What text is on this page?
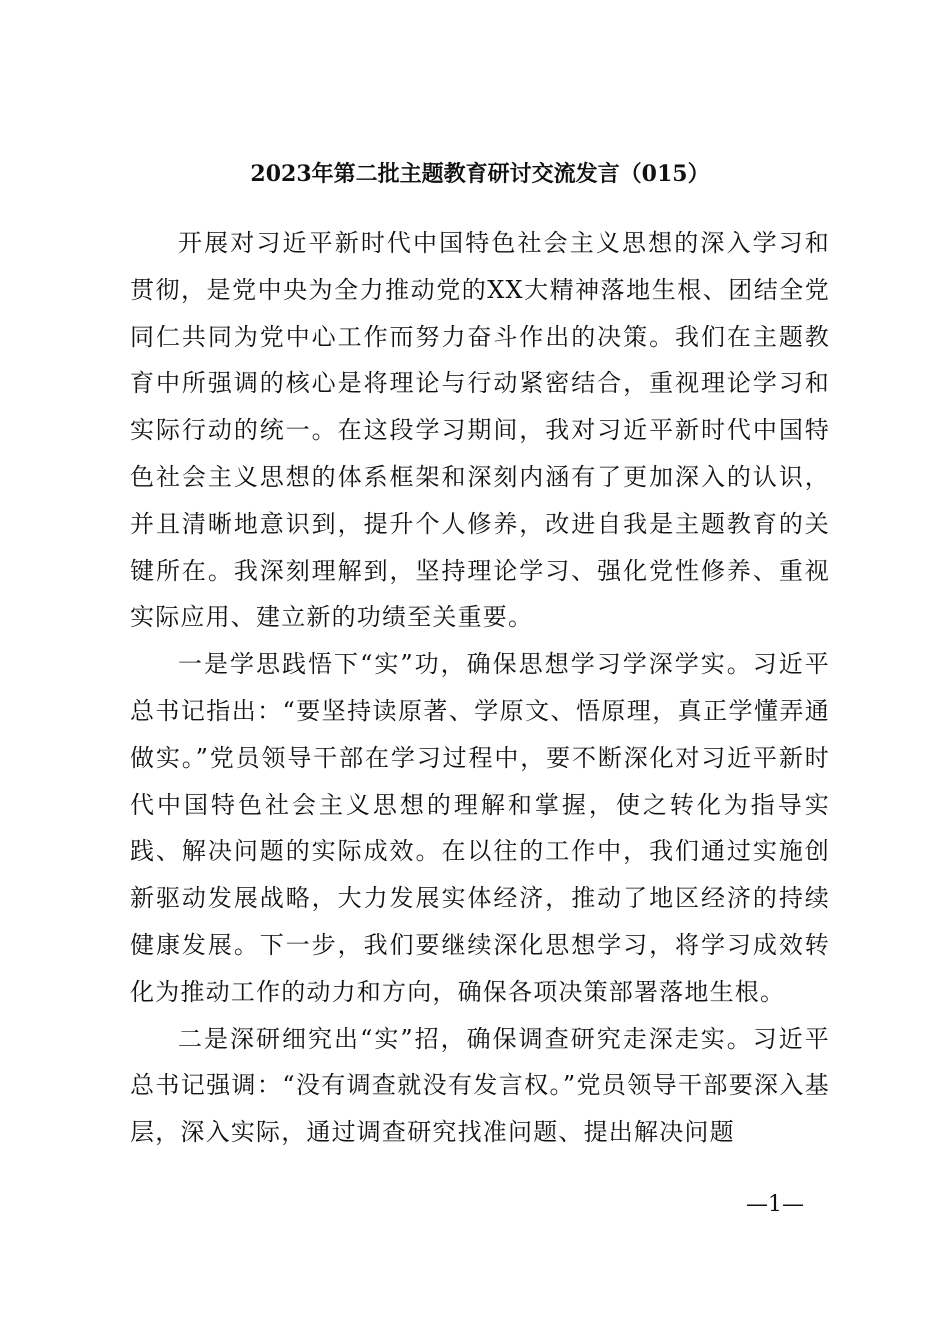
2023年第二批主题教育研讨交流发言（015）

开展对习近平新时代中国特色社会主义思想的深入学习和贯彻，是党中央为全力推动党的XX大精神落地生根、团结全党同仁共同为党中心工作而努力奋斗作出的决策。我们在主题教育中所强调的核心是将理论与行动紧密结合，重视理论学习和实际行动的统一。在这段学习期间，我对习近平新时代中国特色社会主义思想的体系框架和深刻内涵有了更加深入的认识，并且清晰地意识到，提升个人修养，改进自我是主题教育的关键所在。我深刻理解到，坚持理论学习、强化党性修养、重视实际应用、建立新的功绩至关重要。

一是学思践悟下“实”功，确保思想学习学深学实。习近平总书记指出：“要坚持读原著、学原文、悟原理，真正学懂弄通做实。”党员领导干部在学习过程中，要不断深化对习近平新时代中国特色社会主义思想的理解和掌握，使之转化为指导实践、解决问题的实际成效。在以往的工作中，我们通过实施创新驱动发展战略，大力发展实体经济，推动了地区经济的持续健康发展。下一步，我们要继续深化思想学习，将学习成效转化为推动工作的动力和方向，确保各项决策部署落地生根。

二是深研细究出“实”招，确保调查研究走深走实。习近平总书记强调：“没有调查就没有发言权。”党员领导干部要深入基层，深入实际，通过调查研究找准问题、提出解决问题

—1—
